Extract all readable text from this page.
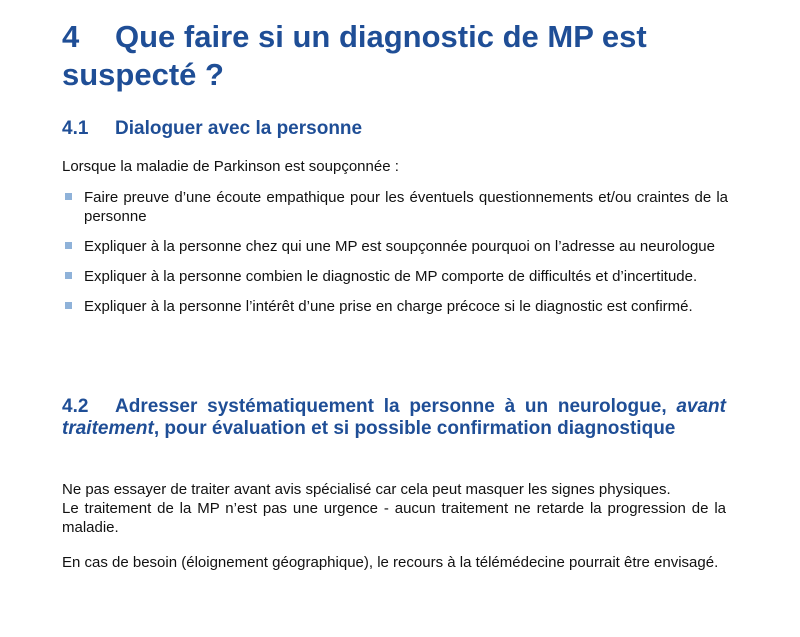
4 Que faire si un diagnostic de MP est suspecté ?
4.1 Dialoguer avec la personne
Lorsque la maladie de Parkinson est soupçonnée :
Faire preuve d’une écoute empathique pour les éventuels questionnements et/ou craintes de la personne
Expliquer à la personne chez qui une MP est soupçonnée pourquoi on l’adresse au neurologue
Expliquer à la personne combien le diagnostic de MP comporte de difficultés et d’incertitude.
Expliquer à la personne l’intérêt d’une prise en charge précoce si le diagnostic est confirmé.
4.2 Adresser systématiquement la personne à un neurologue, avant traitement, pour évaluation et si possible confirmation diagnostique
Ne pas essayer de traiter avant avis spécialisé car cela peut masquer les signes physiques.
Le traitement de la MP n’est pas une urgence - aucun traitement ne retarde la progression de la maladie.
En cas de besoin (éloignement géographique), le recours à la télémédecine pourrait être envisagé.
